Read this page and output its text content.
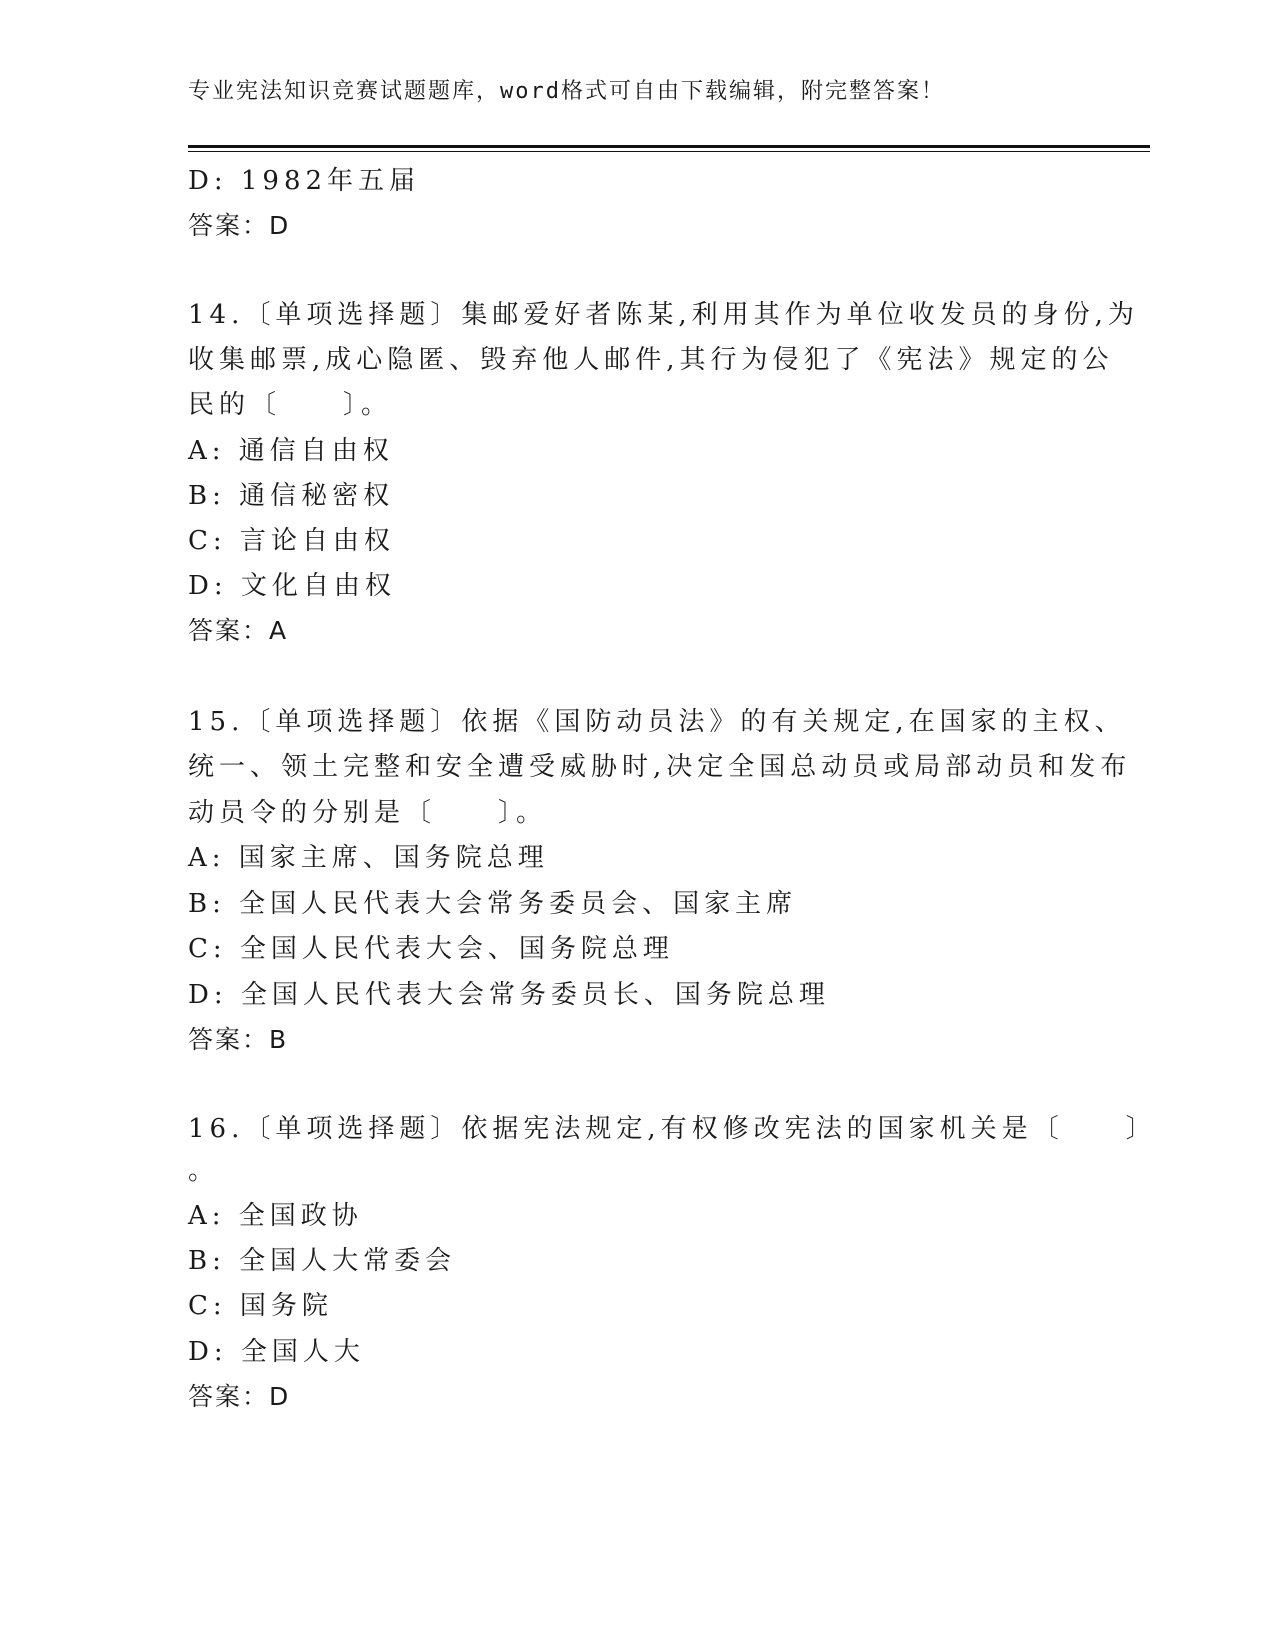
专业宪法知识竞赛试题题库，word格式可自由下载编辑，附完整答案！
D: 1982年五届
答案：D
14.〔单项选择题〕集邮爱好者陈某,利用其作为单位收发员的身份,为
收集邮票,成心隐匿、毁弃他人邮件,其行为侵犯了《宪法》规定的公
民的〔　　〕。
A: 通信自由权
B: 通信秘密权
C: 言论自由权
D: 文化自由权
答案：A
15.〔单项选择题〕依据《国防动员法》的有关规定,在国家的主权、
统一、领土完整和安全遭受威胁时,决定全国总动员或局部动员和发布
动员令的分别是〔　　〕。
A: 国家主席、国务院总理
B: 全国人民代表大会常务委员会、国家主席
C: 全国人民代表大会、国务院总理
D: 全国人民代表大会常务委员长、国务院总理
答案：B
16.〔单项选择题〕依据宪法规定,有权修改宪法的国家机关是〔　　〕
。
A: 全国政协
B: 全国人大常委会
C: 国务院
D: 全国人大
答案：D
